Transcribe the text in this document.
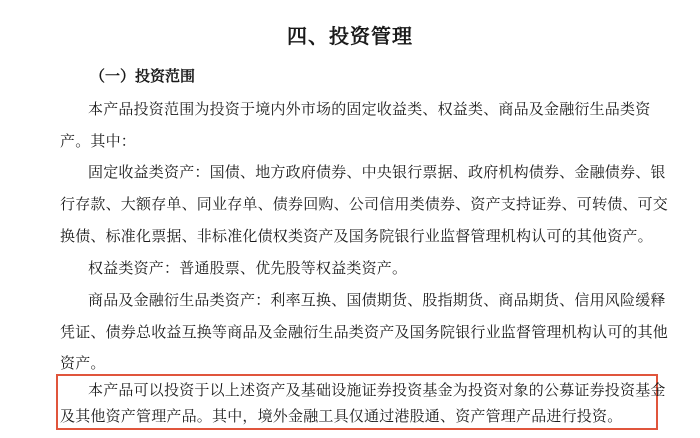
四、投资管理
（一）投资范围
本产品投资范围为投资于境内外市场的固定收益类、权益类、商品及金融衍生品类资
产。其中：
固定收益类资产：国债、地方政府债券、中央银行票据、政府机构债券、金融债券、银
行存款、大额存单、同业存单、债券回购、公司信用类债券、资产支持证券、可转债、可交
换债、标准化票据、非标准化债权类资产及国务院银行业监督管理机构认可的其他资产。
权益类资产：普通股票、优先股等权益类资产。
商品及金融衍生品类资产：利率互换、国债期货、股指期货、商品期货、信用风险缓释
凭证、债券总收益互换等商品及金融衍生品类资产及国务院银行业监督管理机构认可的其他
资产。
本产品可以投资于以上述资产及基础设施证券投资基金为投资对象的公募证券投资基金
及其他资产管理产品。其中，境外金融工具仅通过港股通、资产管理产品进行投资。
